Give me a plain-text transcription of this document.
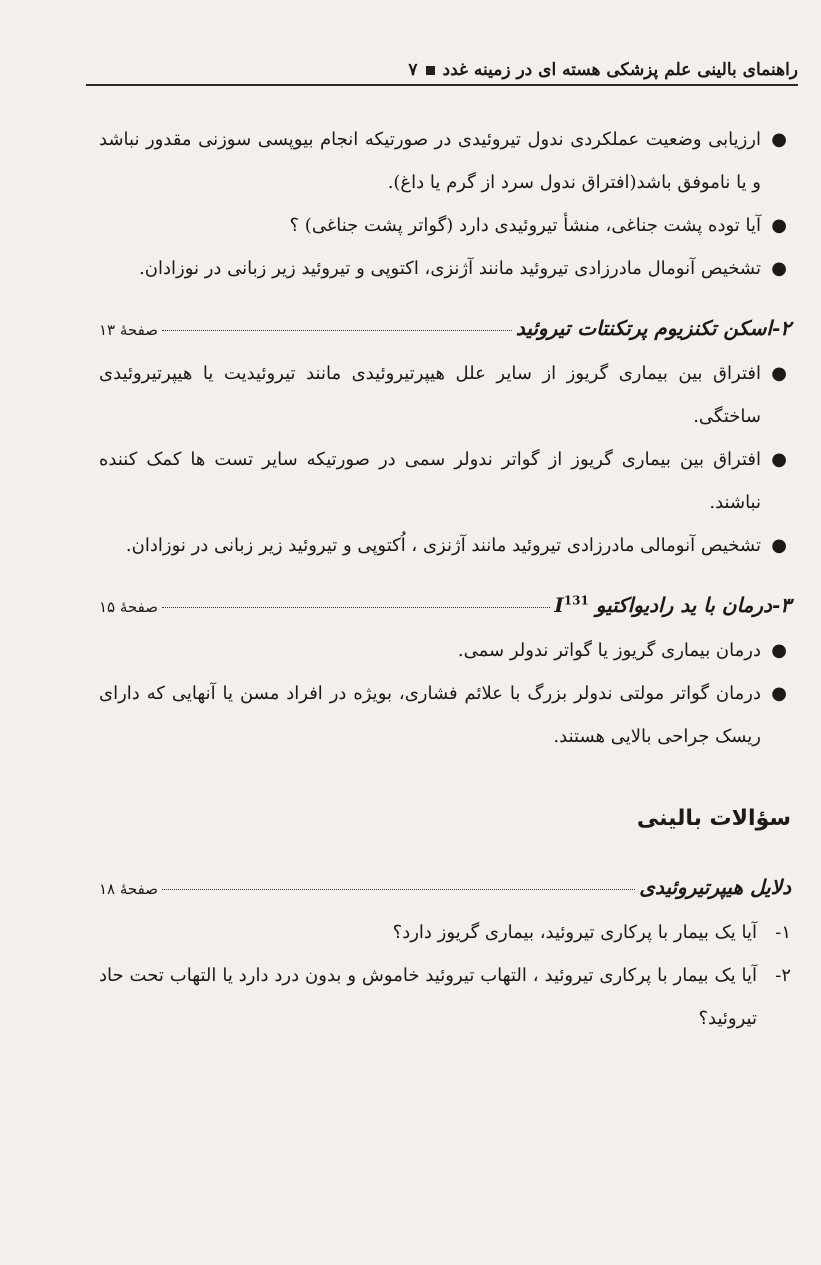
راهنمای بالینی علم پزشکی هسته ای در زمینه غدد
۷
●
ارزیابی وضعیت عملکردی ندول تیروئیدی در صورتیکه انجام بیوپسی سوزنی مقدور نباشد و یا ناموفق باشد(افتراق ندول سرد از گرم یا داغ).
●
آیا توده پشت جناغی، منشأ تیروئیدی دارد (گواتر پشت جناغی) ؟
●
تشخیص آنومال مادرزادی تیروئید مانند آژنزی، اکتوپی و تیروئید زیر زبانی در نوزادان.
۲-اسکن تکنزیوم پرتکنتات تیروئید
صفحهٔ ۱۳
●
افتراق بین بیماری گریوز از سایر علل هیپرتیروئیدی مانند تیروئیدیت یا هیپرتیروئیدی ساختگی.
●
افتراق بین بیماری گریوز از گواتر ندولر سمی در صورتیکه سایر تست ها کمک کننده نباشند.
●
تشخیص آنومالی مادرزادی تیروئید مانند آژنزی ، اُکتوپی و تیروئید زیر زبانی در نوزادان.
۳-درمان با ید رادیواکتیو $I^{131}$
صفحهٔ ۱۵
●
درمان بیماری گریوز یا گواتر ندولر سمی.
●
درمان گواتر مولتی ندولر بزرگ با علائم فشاری، بویژه در افراد مسن یا آنهایی که دارای ریسک جراحی بالایی هستند.
سؤالات بالینی
دلایل هیپرتیروئیدی
صفحهٔ ۱۸
۱-
آیا یک بیمار با پرکاری تیروئید، بیماری گریوز دارد؟
۲-
آیا یک بیمار با پرکاری تیروئید ، التهاب تیروئید خاموش و بدون درد دارد یا التهاب تحت حاد تیروئید؟
